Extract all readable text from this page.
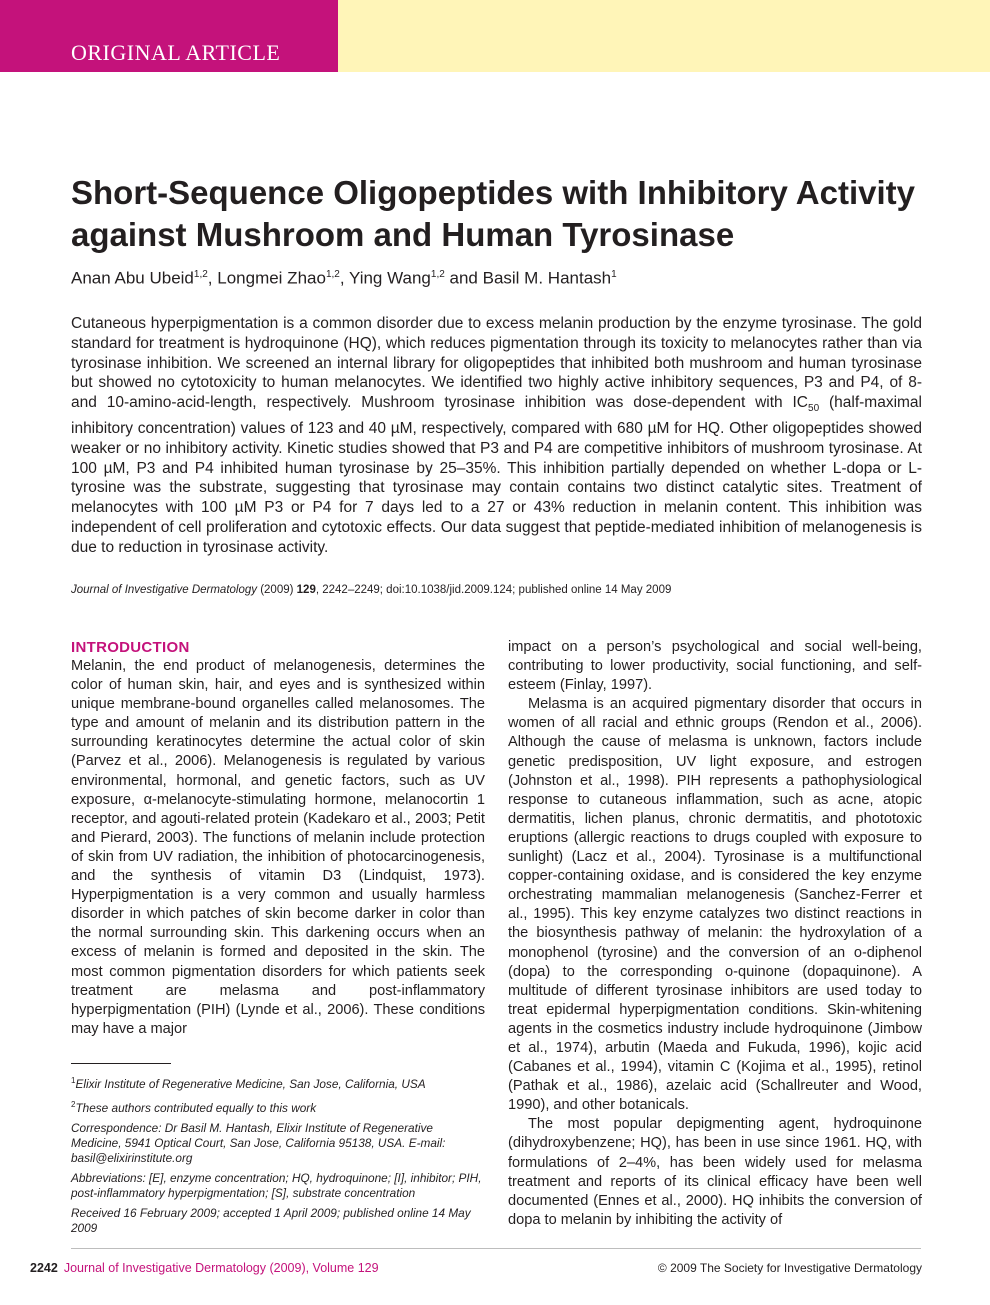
ORIGINAL ARTICLE
Short-Sequence Oligopeptides with Inhibitory Activity against Mushroom and Human Tyrosinase
Anan Abu Ubeid$^{1,2}$, Longmei Zhao$^{1,2}$, Ying Wang$^{1,2}$ and Basil M. Hantash$^1$

Cutaneous hyperpigmentation is a common disorder due to excess melanin production by the enzyme tyrosinase. The gold standard for treatment is hydroquinone (HQ), which reduces pigmentation through its toxicity to melanocytes rather than via tyrosinase inhibition. We screened an internal library for oligopeptides that inhibited both mushroom and human tyrosinase but showed no cytotoxicity to human melanocytes. We identified two highly active inhibitory sequences, P3 and P4, of 8- and 10-amino-acid-length, respectively. Mushroom tyrosinase inhibition was dose-dependent with $IC_{50}$ (half-maximal inhibitory concentration) values of 123 and 40 µM, respectively, compared with 680 µM for HQ. Other oligopeptides showed weaker or no inhibitory activity. Kinetic studies showed that P3 and P4 are competitive inhibitors of mushroom tyrosinase. At 100 µM, P3 and P4 inhibited human tyrosinase by 25–35%. This inhibition partially depended on whether L-dopa or L-tyrosine was the substrate, suggesting that tyrosinase may contain contains two distinct catalytic sites. Treatment of melanocytes with 100 µM P3 or P4 for 7 days led to a 27 or 43% reduction in melanin content. This inhibition was independent of cell proliferation and cytotoxic effects. Our data suggest that peptide-mediated inhibition of melanogenesis is due to reduction in tyrosinase activity.

Journal of Investigative Dermatology (2009) 129, 2242–2249; doi:10.1038/jid.2009.124; published online 14 May 2009
INTRODUCTION

Melanin, the end product of melanogenesis, determines the color of human skin, hair, and eyes and is synthesized within unique membrane-bound organelles called melanosomes. The type and amount of melanin and its distribution pattern in the surrounding keratinocytes determine the actual color of skin (Parvez et al., 2006). Melanogenesis is regulated by various environmental, hormonal, and genetic factors, such as UV exposure, α-melanocyte-stimulating hormone, melanocortin 1 receptor, and agouti-related protein (Kadekaro et al., 2003; Petit and Pierard, 2003). The functions of melanin include protection of skin from UV radiation, the inhibition of photocarcinogenesis, and the synthesis of vitamin D3 (Lindquist, 1973). Hyperpigmentation is a very common and usually harmless disorder in which patches of skin become darker in color than the normal surrounding skin. This darkening occurs when an excess of melanin is formed and deposited in the skin. The most common pigmentation disorders for which patients seek treatment are melasma and post-inflammatory hyperpigmentation (PIH) (Lynde et al., 2006). These conditions may have a major

impact on a person’s psychological and social well-being, contributing to lower productivity, social functioning, and self-esteem (Finlay, 1997).

Melasma is an acquired pigmentary disorder that occurs in women of all racial and ethnic groups (Rendon et al., 2006). Although the cause of melasma is unknown, factors include genetic predisposition, UV light exposure, and estrogen (Johnston et al., 1998). PIH represents a pathophysiological response to cutaneous inflammation, such as acne, atopic dermatitis, lichen planus, chronic dermatitis, and phototoxic eruptions (allergic reactions to drugs coupled with exposure to sunlight) (Lacz et al., 2004). Tyrosinase is a multifunctional copper-containing oxidase, and is considered the key enzyme orchestrating mammalian melanogenesis (Sanchez-Ferrer et al., 1995). This key enzyme catalyzes two distinct reactions in the biosynthesis pathway of melanin: the hydroxylation of a monophenol (tyrosine) and the conversion of an o-diphenol (dopa) to the corresponding o-quinone (dopaquinone). A multitude of different tyrosinase inhibitors are used today to treat epidermal hyperpigmentation conditions. Skin-whitening agents in the cosmetics industry include hydroquinone (Jimbow et al., 1974), arbutin (Maeda and Fukuda, 1996), kojic acid (Cabanes et al., 1994), vitamin C (Kojima et al., 1995), retinol (Pathak et al., 1986), azelaic acid (Schallreuter and Wood, 1990), and other botanicals.

The most popular depigmenting agent, hydroquinone (dihydroxybenzene; HQ), has been in use since 1961. HQ, with formulations of 2–4%, has been widely used for melasma treatment and reports of its clinical efficacy have been well documented (Ennes et al., 2000). HQ inhibits the conversion of dopa to melanin by inhibiting the activity of

$^1$Elixir Institute of Regenerative Medicine, San Jose, California, USA

$^2$These authors contributed equally to this work

Correspondence: Dr Basil M. Hantash, Elixir Institute of Regenerative Medicine, 5941 Optical Court, San Jose, California 95138, USA. E-mail: basil@elixirinstitute.org

Abbreviations: [E], enzyme concentration; HQ, hydroquinone; [I], inhibitor; PIH, post-inflammatory hyperpigmentation; [S], substrate concentration

Received 16 February 2009; accepted 1 April 2009; published online 14 May 2009

2242 Journal of Investigative Dermatology (2009), Volume 129	© 2009 The Society for Investigative Dermatology
